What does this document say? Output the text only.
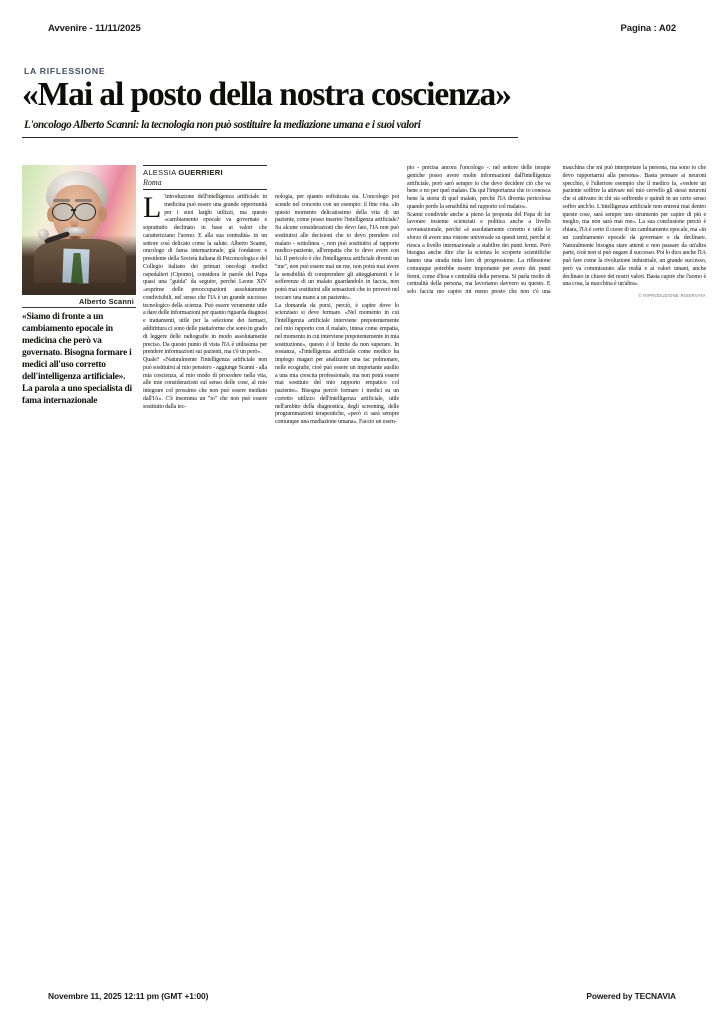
Avvenire - 11/11/2025	Pagina : A02
LA RIFLESSIONE
«Mai al posto della nostra coscienza»
L'oncologo Alberto Scanni: la tecnologia non può sostituire la mediazione umana e i suoi valori
Alberto Scanni
«Siamo di fronte a un cambiamento epocale in medicina che però va governato. Bisogna formare i medici all'uso corretto dell'intelligenza artificiale». La parola a uno specialista di fama internazionale
ALESSIA GUERRIERI
Roma
L 'introduzione dell'intelligenza artificiale in medicina può essere una grande opportunità per i suoi larghi utilizzi, ma questo «cambiamento epocale va governato e soprattutto declinato in base ai valori che caratterizzano l'uomo. E alla sua centralità» in un settore così delicato come la salute. Alberto Scanni, oncologo di fama internazionale, già fondatore e presidente della Società italiana di Psiconcologia e del Collegio italiano dei primari oncologi medici ospedalieri (Cipomo), considera le parole del Papa quasi una "guida" da seguire, perché Leone XIV «esprime delle preoccupazioni assolutamente condivisibili, nel senso che l'IA è un grande successo tecnologico della scienza. Può essere veramente utile a dare delle informazioni per quanto riguarda diagnosi e trattamenti, utile per la selezione dei farmaci, addirittura ci sono delle piattaforme che sono in grado di leggere delle radiografie in modo assolutamente preciso. Da questo punto di vista l'IA è utilissima per prendere informazioni sui pazienti, ma c'è un però».

Quale? «Naturalmente l'intelligenza artificiale non può sostituirsi al mio pensiero - aggiunge Scanni - alla mia coscienza, al mio modo di procedere nella vita, alle mie considerazioni sul senso delle cose, al mio integrare col prossimo che non può essere mediato dall'IA». C'è insomma un "io" che non può essere sostituito dalla tec-

nologia, per quanto sofisticata sia. L'oncologo poi scende nel concreto con un esempio: il fine vita. «In questo momento delicatissimo della vita di un paziente, come posso inserire l'intelligenza artificiale? Su alcune considerazioni che devo fare, l'IA non può sostituirsi alle decisioni che io devo prendere col malato - sottolinea -, non può sostituirsi al rapporto medico-paziente, all'empatia che io devo avere con lui. Il pericolo è che l'intelligenza artificiale diventi un "me", non può essere mai un me, non potrà mai avere la sensibilità di comprendere gli atteggiamenti e le sofferenze di un malato guardandolo in faccia, non potrà mai sostituirsi alle sensazioni che io proverò nel toccare una mano a un paziente».

La domanda da porsi, perciò, è capire dove lo scienziato si deve fermare. «Nel momento in cui l'intelligenza artificiale interviene prepotentemente nel mio rapporto con il malato, intesa come empatia, nel momento in cui interviene prepotentemente in mia sostituzione», questo è il limite da non superare. In sostanza, «l'intelligenza artificiale come medico ha impiego magari per analizzare una tac polmonare, nelle ecografie, cioè può essere un importante ausilio a una mia crescita professionale, ma non potrà essere mai sostituto del mio rapporto empatico col paziente». Bisogna perciò formare i medici su un corretto utilizzo dell'intelligenza artificiale, utile nell'ambito della diagnostica, degli screening, delle programmazioni terapeutiche, «però ci sarà sempre comunque una mediazione umana». Faccio un esem-

pio - precisa ancora l'oncologo -: nel settore delle terapie geniche posso avere molte informazioni dall'intelligenza artificiale, però sarò sempre io che devo decidere ciò che va bene o no per quel malato. Da qui l'importanza che io conosca bene la storia di quel malato, perché l'IA diventa pericolosa quando perdo la sensibilità nel rapporto col malato».

Scanni condivide anche a pieno la proposta del Papa di far lavorare insieme scienziati e politica anche a livello sovranazionale, perché «è assolutamente corretto e utile lo sforzo di avere una visione universale su questi temi, perché si riesca a livello internazionale a stabilire dei punti fermi. Però bisogna anche dire che la scienza le scoperte scientifiche hanno una strada tutta loro di progressione. La riflessione comunque potrebbe essere importante per avere dei punti fermi, come d'lesa e centralità della persona. Si parla molto di centralità della persona, ma lavoriamo davvero su questo. E selo faccia mo capire mi meno presto che non c'è una macchina che mi può interpretare la persona, ma sono io che devo rapportarmi alla persona». Basta pensare ai neuroni specchio, è l'ulteriore esempio che il medico fa, «vedere un paziente soffrire la attivare nel mio cervello gli stessi neuroni che si attivano in chi sta soffrendo e quindi in un certo senso soffro anch'io. L'intelligenza artificiale non entrerà mai dentro queste cose, sarà sempre uno strumento per capire di più e meglio, ma non sarà mai me». La sua conclusione perciò è chiara, l'IA è certo il cuore di un cambiamento epocale, ma «in un cambiamento epocale da governare e da declinare. Naturalmente bisogna stare attenti e non passare da un'altra parte, cioè non si può negare il successo. Poi lo dico anche l'IA può fare come la rivoluzione industriale, un grande successo, però va commisurato alla realtà e ai valori umani, anche declinato in chiave dei nostri valori. Basta capire che l'uomo è una cosa, la macchina è un'altra».

© RIPRODUZIONE RISERVATA
Novembre 11, 2025 12:11 pm (GMT +1:00)	Powered by TECNAVIA
